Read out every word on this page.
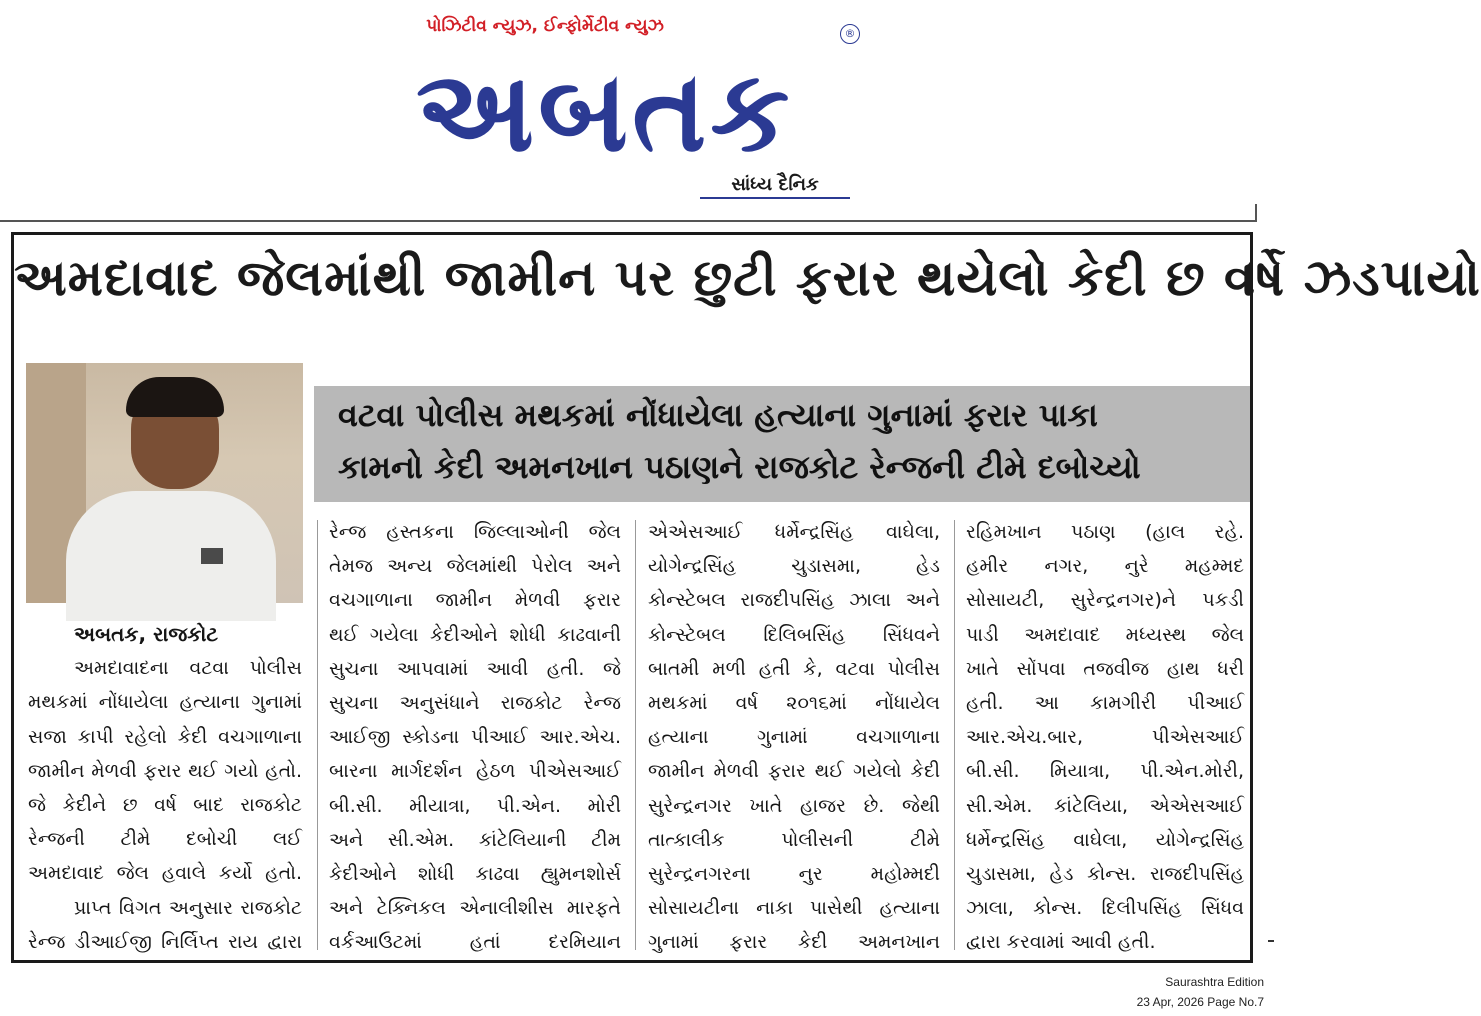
પોઝિટીવ ન્યુઝ, ઈન્ફોર્મેટીવ ન્યુઝ
અબતક
®
સાંધ્ય દૈનિક
અમદાવાદ જેલમાંથી જામીન પર છુટી ફરાર થયેલો કેદી છ વર્ષે ઝડપાયો
વટવા પોલીસ મથકમાં નોંધાયેલા હત્યાના ગુનામાં ફરાર પાકા
કામનો કેદી અમનખાન પઠાણને રાજકોટ રેન્જની ટીમે દબોચ્યો
અબતક, રાજકોટ
અમદાવાદના વટવા પોલીસ
મથકમાં નોંધાયેલા હત્યાના ગુનામાં
સજા કાપી રહેલો કેદી વચગાળાના
જામીન મેળવી ફરાર થઈ ગયો હતો.
જે કેદીને છ વર્ષ બાદ રાજકોટ
રેન્જની ટીમે દબોચી લઈ
અમદાવાદ જેલ હવાલે કર્યો હતો.
પ્રાપ્ત વિગત અનુસાર રાજકોટ
રેન્જ ડીઆઈજી નિર્લિપ્ત રાય દ્વારા
રેન્જ હસ્તકના જિલ્લાઓની જેલ
તેમજ અન્ય જેલમાંથી પેરોલ અને
વચગાળાના જામીન મેળવી ફરાર
થઈ ગયેલા કેદીઓને શોધી કાઢવાની
સુચના આપવામાં આવી હતી. જે
સુચના અનુસંધાને રાજકોટ રેન્જ
આઈજી સ્કોડના પીઆઈ આર.એચ.
બારના માર્ગદર્શન હેઠળ પીએસઆઈ
બી.સી. મીયાત્રા, પી.એન. મોરી
અને સી.એમ. કાંટેલિયાની ટીમ
કેદીઓને શોધી કાઢવા હ્યુમનશોર્સ
અને ટેક્નિકલ એનાલીશીસ મારફતે
વર્કઆઉટમાં હતાં દરમિયાન
એએસઆઈ ધર્મેન્દ્રસિંહ વાઘેલા,
યોગેન્દ્રસિંહ ચુડાસમા, હેડ
કોન્સ્ટેબલ રાજદીપસિંહ ઝાલા અને
કોન્સ્ટેબલ દિલિબસિંહ સિંધવને
બાતમી મળી હતી કે, વટવા પોલીસ
મથકમાં વર્ષ ૨૦૧૬માં નોંધાયેલ
હત્યાના ગુનામાં વચગાળાના
જામીન મેળવી ફરાર થઈ ગયેલો કેદી
સુરેન્દ્રનગર ખાતે હાજર છે. જેથી
તાત્કાલીક પોલીસની ટીમે
સુરેન્દ્રનગરના નુર મહોમ્મદી
સોસાયટીના નાકા પાસેથી હત્યાના
ગુનામાં ફરાર કેદી અમનખાન
રહિમખાન પઠાણ (હાલ રહે.
હમીર નગર, નુરે મહમ્મદ
સોસાયટી, સુરેન્દ્રનગર)ને પકડી
પાડી અમદાવાદ મધ્યસ્થ જેલ
ખાતે સોંપવા તજવીજ હાથ ધરી
હતી. આ કામગીરી પીઆઈ
આર.એચ.બાર, પીએસઆઈ
બી.સી. મિયાત્રા, પી.એન.મોરી,
સી.એમ. કાંટેલિયા, એએસઆઈ
ધર્મેન્દ્રસિંહ વાઘેલા, યોગેન્દ્રસિંહ
ચુડાસમા, હેડ કોન્સ. રાજદીપસિંહ
ઝાલા, કોન્સ. દિલીપસિંહ સિંધવ
દ્વારા કરવામાં આવી હતી.
Saurashtra Edition
23 Apr, 2026 Page No.7
